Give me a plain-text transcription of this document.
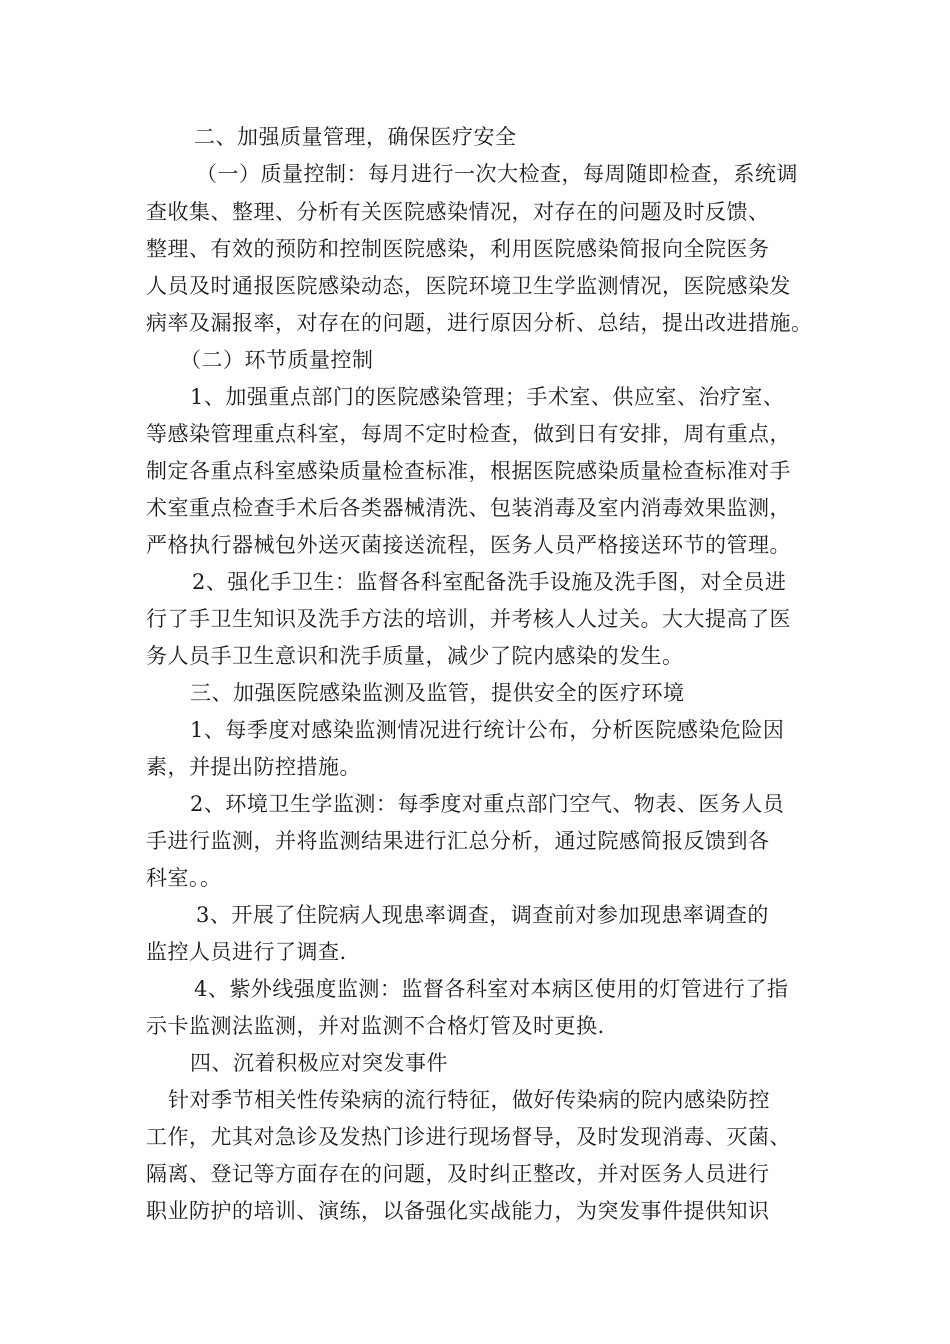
二、加强质量管理，确保医疗安全
（一）质量控制：每月进行一次大检查，每周随即检查，系统调
查收集、整理、分析有关医院感染情况，对存在的问题及时反馈、
整理、有效的预防和控制医院感染，利用医院感染简报向全院医务
人员及时通报医院感染动态，医院环境卫生学监测情况，医院感染发
病率及漏报率，对存在的问题，进行原因分析、总结，提出改进措施。
（二）环节质量控制
1、加强重点部门的医院感染管理；手术室、供应室、治疗室、
等感染管理重点科室，每周不定时检查，做到日有安排，周有重点，
制定各重点科室感染质量检查标准，根据医院感染质量检查标准对手
术室重点检查手术后各类器械清洗、包装消毒及室内消毒效果监测，
严格执行器械包外送灭菌接送流程，医务人员严格接送环节的管理。
2、强化手卫生：监督各科室配备洗手设施及洗手图，对全员进
行了手卫生知识及洗手方法的培训，并考核人人过关。大大提高了医
务人员手卫生意识和洗手质量，减少了院内感染的发生。
三、加强医院感染监测及监管，提供安全的医疗环境
1、每季度对感染监测情况进行统计公布，分析医院感染危险因
素，并提出防控措施。
2、环境卫生学监测：每季度对重点部门空气、物表、医务人员
手进行监测，并将监测结果进行汇总分析，通过院感简报反馈到各
科室。。
3、开展了住院病人现患率调查，调查前对参加现患率调查的
监控人员进行了调查.
4、紫外线强度监测：监督各科室对本病区使用的灯管进行了指
示卡监测法监测，并对监测不合格灯管及时更换.
四、沉着积极应对突发事件
针对季节相关性传染病的流行特征，做好传染病的院内感染防控
工作，尤其对急诊及发热门诊进行现场督导，及时发现消毒、灭菌、
隔离、登记等方面存在的问题，及时纠正整改，并对医务人员进行
职业防护的培训、演练，以备强化实战能力，为突发事件提供知识
